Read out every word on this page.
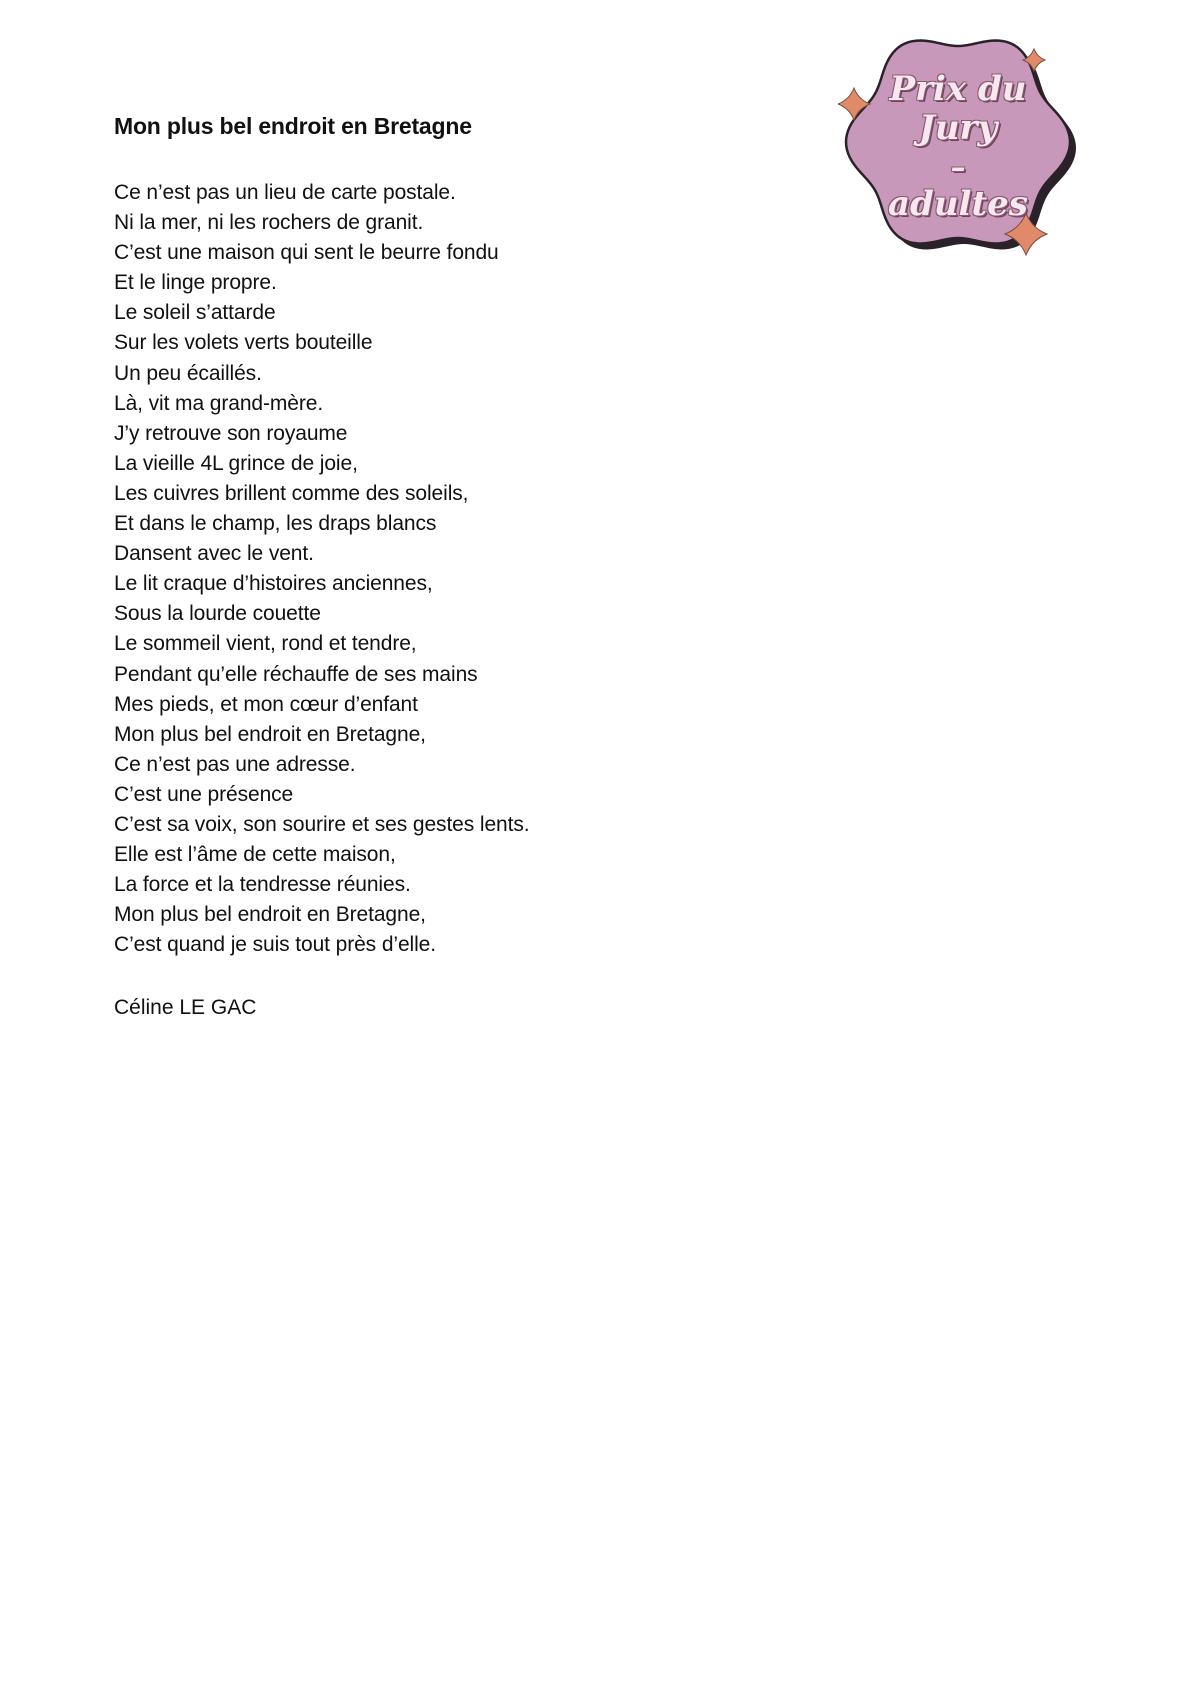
Mon plus bel endroit en Bretagne
Ce n’est pas un lieu de carte postale.
Ni la mer, ni les rochers de granit.
C’est une maison qui sent le beurre fondu
Et le linge propre.
Le soleil s’attarde
Sur les volets verts bouteille
Un peu écaillés.
Là, vit ma grand-mère.
J’y retrouve son royaume
La vieille 4L grince de joie,
Les cuivres brillent comme des soleils,
Et dans le champ, les draps blancs
Dansent avec le vent.
Le lit craque d’histoires anciennes,
Sous la lourde couette
Le sommeil vient, rond et tendre,
Pendant qu’elle réchauffe de ses mains
Mes pieds, et mon cœur d’enfant
Mon plus bel endroit en Bretagne,
Ce n’est pas une adresse.
C’est une présence
C’est sa voix, son sourire et ses gestes lents.
Elle est l’âme de cette maison,
La force et la tendresse réunies.
Mon plus bel endroit en Bretagne,
C’est quand je suis tout près d’elle.

Céline LE GAC

Prix du
Jury
–
adultes
